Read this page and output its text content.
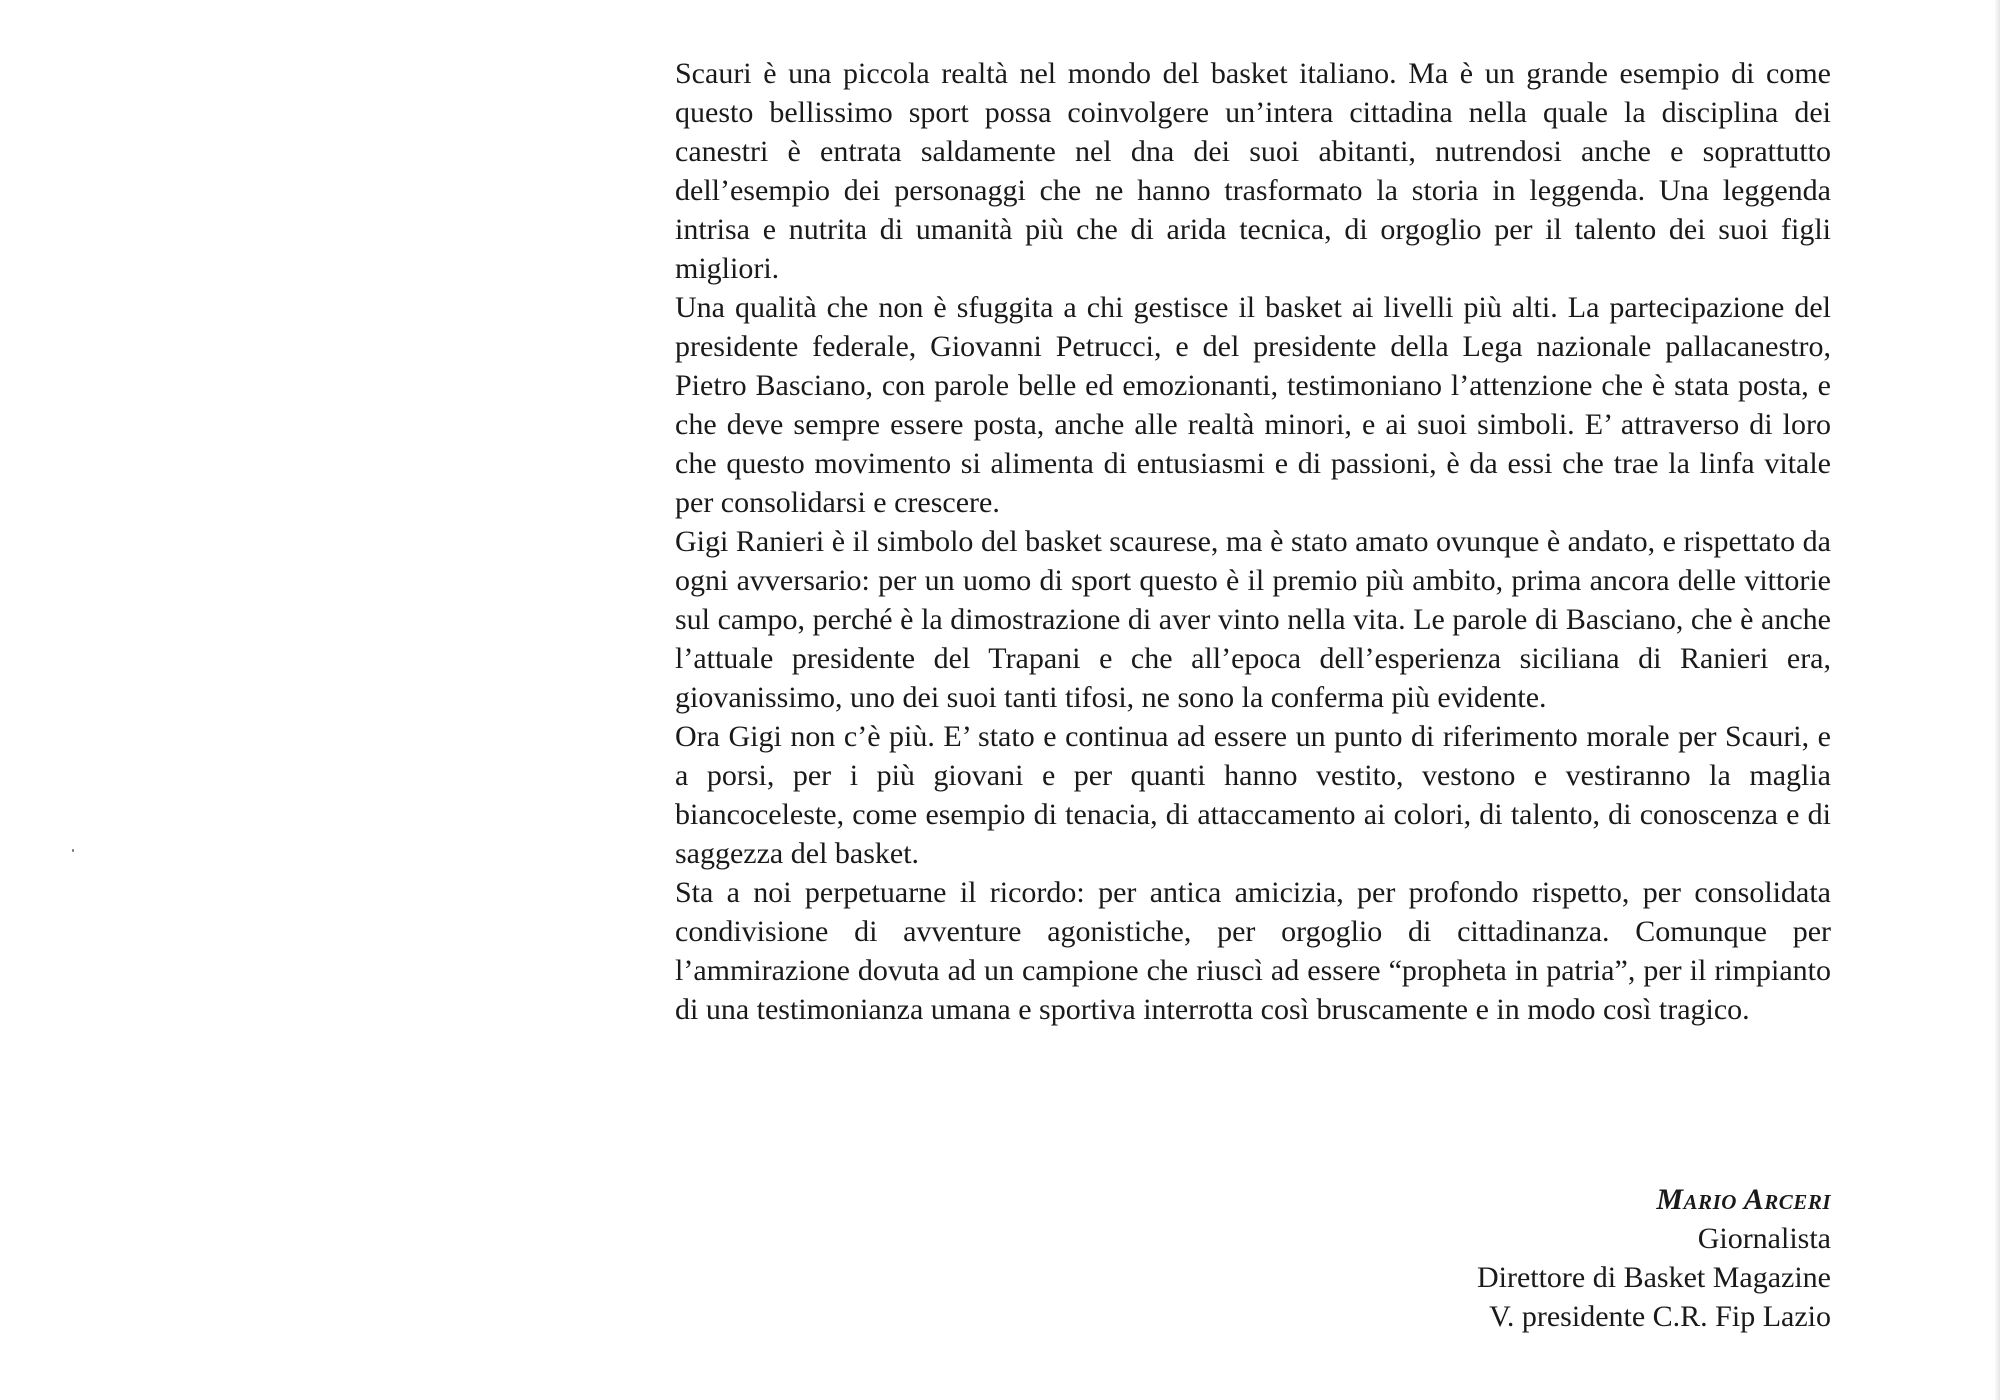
Scauri è una piccola realtà nel mondo del basket italiano. Ma è un grande esempio di come questo bellissimo sport possa coinvolgere un’intera cittadina nella quale la disciplina dei canestri è entrata saldamente nel dna dei suoi abitanti, nutrendosi anche e soprattutto dell’esempio dei personaggi che ne hanno trasformato la storia in leggenda. Una leggenda intrisa e nutrita di umanità più che di arida tecnica, di orgoglio per il talento dei suoi figli migliori.

Una qualità che non è sfuggita a chi gestisce il basket ai livelli più alti. La partecipazione del presidente federale, Giovanni Petrucci, e del presidente della Lega nazionale pallacanestro, Pietro Basciano, con parole belle ed emozionanti, testimoniano l’attenzione che è stata posta, e che deve sempre essere posta, anche alle realtà minori, e ai suoi simboli. E’ attraverso di loro che questo movimento si alimenta di entusiasmi e di passioni, è da essi che trae la linfa vitale per consolidarsi e crescere.

Gigi Ranieri è il simbolo del basket scaurese, ma è stato amato ovunque è andato, e rispettato da ogni avversario: per un uomo di sport questo è il premio più ambito, prima ancora delle vittorie sul campo, perché è la dimostrazione di aver vinto nella vita. Le parole di Basciano, che è anche l’attuale presidente del Trapani e che all’epoca dell’esperienza siciliana di Ranieri era, giovanissimo, uno dei suoi tanti tifosi, ne sono la conferma più evidente.

Ora Gigi non c’è più. E’ stato e continua ad essere un punto di riferimento morale per Scauri, e a porsi, per i più giovani e per quanti hanno vestito, vestono e vestiranno la maglia biancoceleste, come esempio di tenacia, di attaccamento ai colori, di talento, di conoscenza e di saggezza del basket.

Sta a noi perpetuarne il ricordo: per antica amicizia, per profondo rispetto, per consolidata condivisione di avventure agonistiche, per orgoglio di cittadinanza. Comunque per l’ammirazione dovuta ad un campione che riuscì ad essere “propheta in patria”, per il rimpianto di una testimonianza umana e sportiva interrotta così bruscamente e in modo così tragico.

Mario Arceri
Giornalista
Direttore di Basket Magazine
V. presidente C.R. Fip Lazio
